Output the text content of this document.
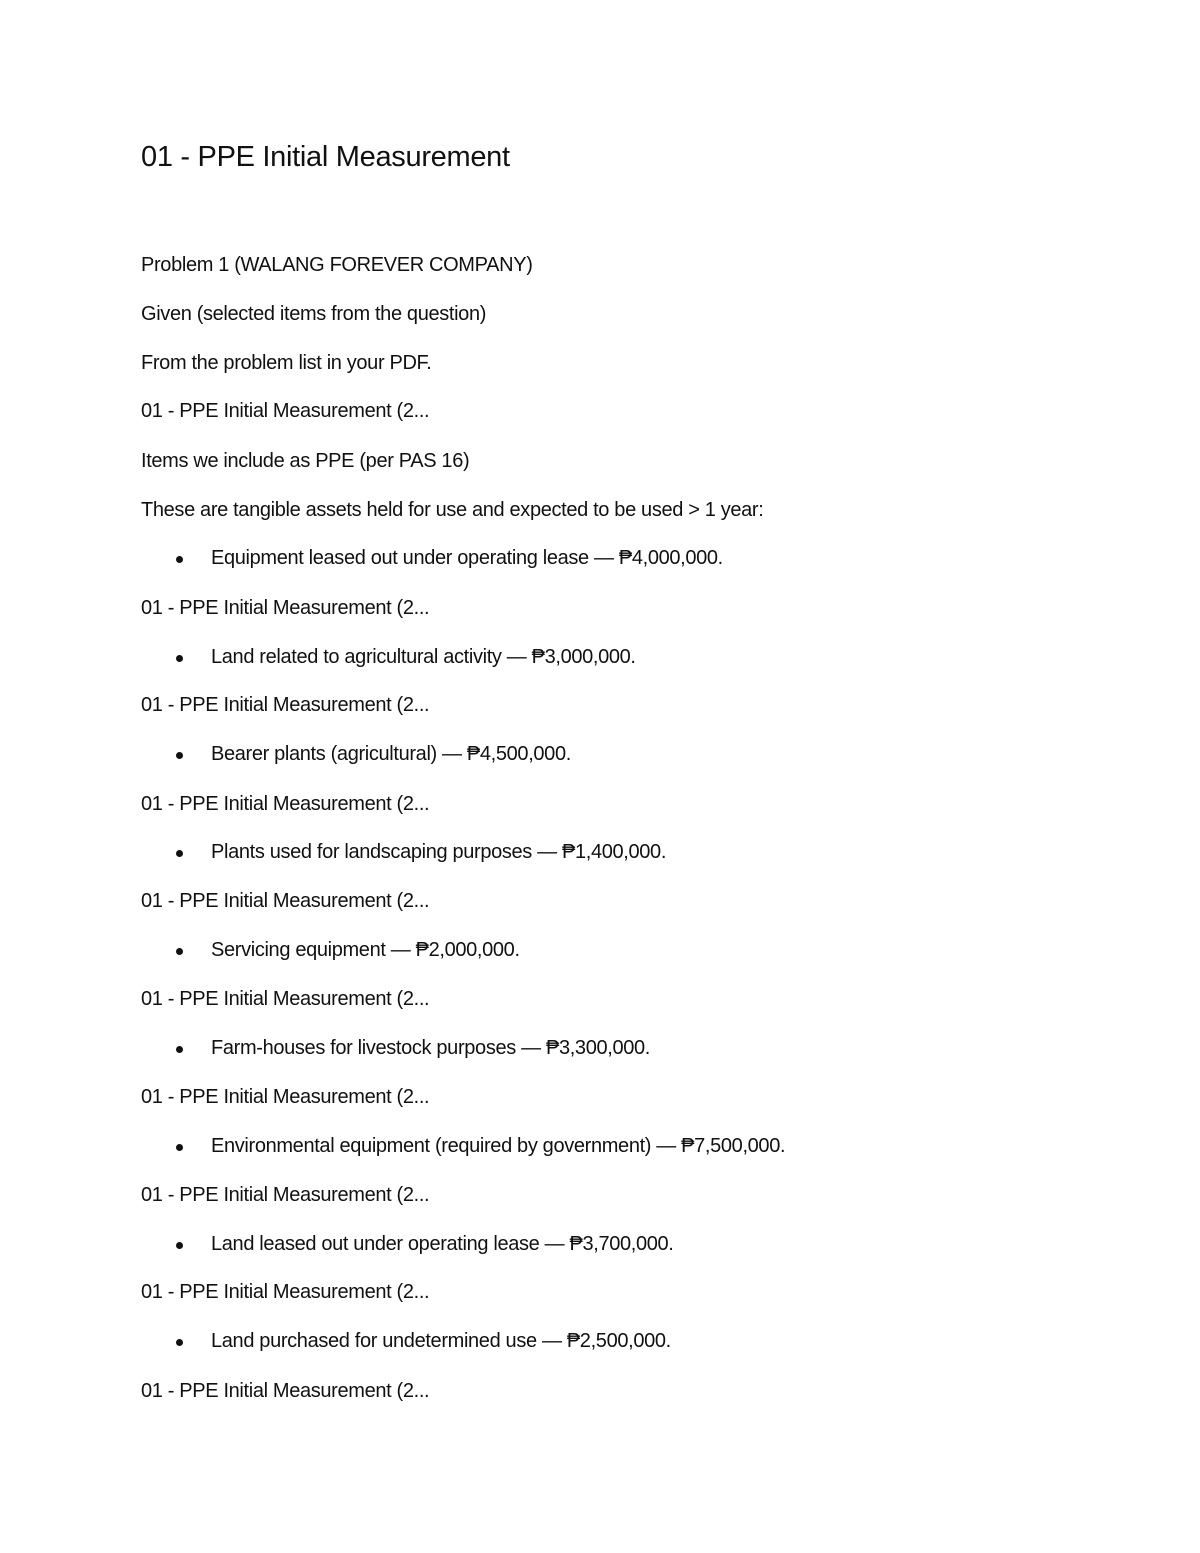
01 - PPE Initial Measurement
Problem 1 (WALANG FOREVER COMPANY)
Given (selected items from the question)
From the problem list in your PDF.
01 - PPE Initial Measurement (2...
Items we include as PPE (per PAS 16)
These are tangible assets held for use and expected to be used > 1 year:
Equipment leased out under operating lease — ₱4,000,000.
01 - PPE Initial Measurement (2...
Land related to agricultural activity — ₱3,000,000.
01 - PPE Initial Measurement (2...
Bearer plants (agricultural) — ₱4,500,000.
01 - PPE Initial Measurement (2...
Plants used for landscaping purposes — ₱1,400,000.
01 - PPE Initial Measurement (2...
Servicing equipment — ₱2,000,000.
01 - PPE Initial Measurement (2...
Farm-houses for livestock purposes — ₱3,300,000.
01 - PPE Initial Measurement (2...
Environmental equipment (required by government) — ₱7,500,000.
01 - PPE Initial Measurement (2...
Land leased out under operating lease — ₱3,700,000.
01 - PPE Initial Measurement (2...
Land purchased for undetermined use — ₱2,500,000.
01 - PPE Initial Measurement (2...
